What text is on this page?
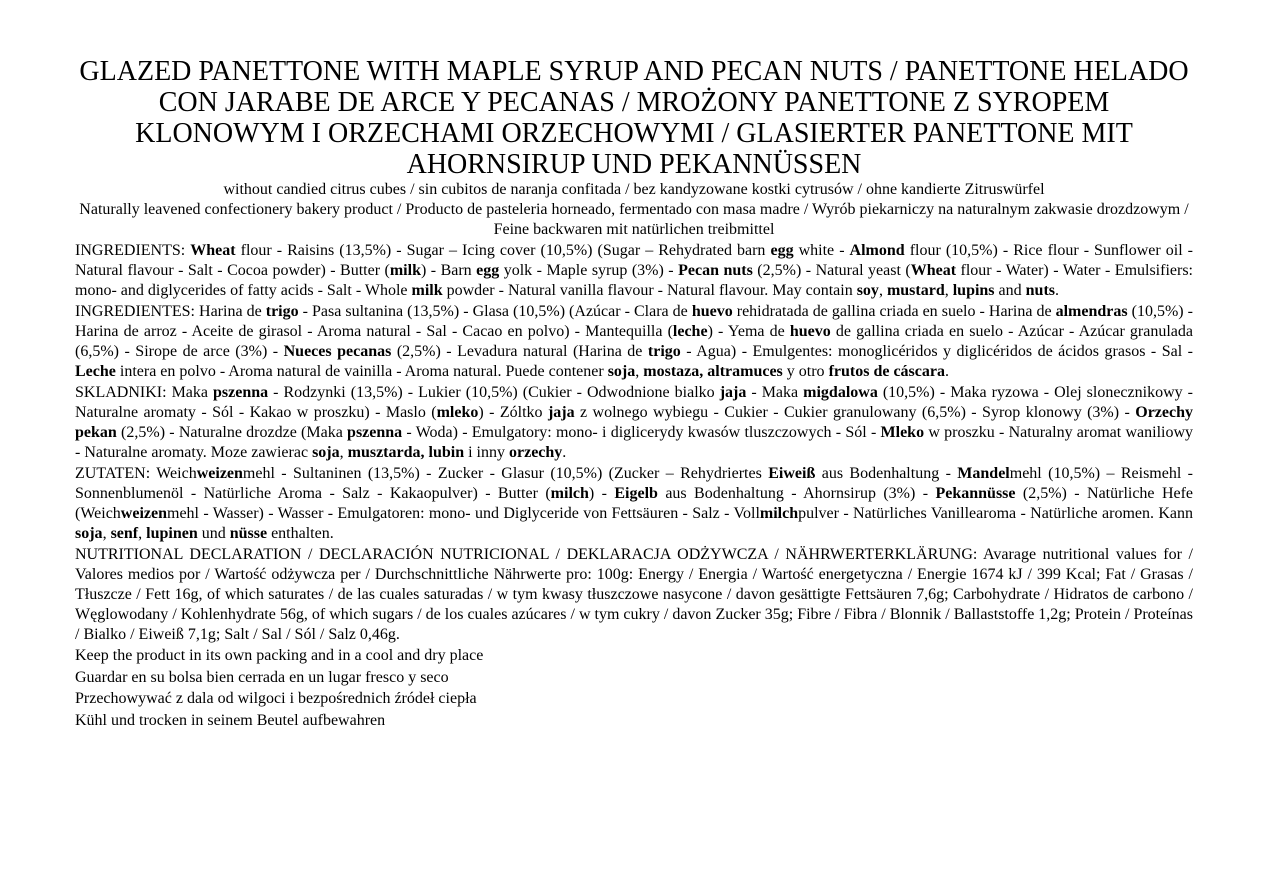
GLAZED PANETTONE WITH MAPLE SYRUP AND PECAN NUTS / PANETTONE HELADO CON JARABE DE ARCE Y PECANAS / MROŻONY PANETTONE Z SYROPEM KLONOWYM I ORZECHAMI ORZECHOWYMI / GLASIERTER PANETTONE MIT AHORNSIRUP UND PEKANNÜSSEN

without candied citrus cubes / sin cubitos de naranja confitada / bez kandyzowane kostki cytrusów / ohne kandierte Zitruswürfel

Naturally leavened confectionery bakery product / Producto de pasteleria horneado, fermentado con masa madre / Wyrób piekarniczy na naturalnym zakwasie drozdzowym / Feine backwaren mit natürlichen treibmittel

INGREDIENTS: Wheat flour - Raisins (13,5%) - Sugar – Icing cover (10,5%) (Sugar – Rehydrated barn egg white - Almond flour (10,5%) - Rice flour - Sunflower oil - Natural flavour - Salt - Cocoa powder) - Butter (milk) - Barn egg yolk - Maple syrup (3%) - Pecan nuts (2,5%) - Natural yeast (Wheat flour - Water) - Water - Emulsifiers: mono- and diglycerides of fatty acids - Salt - Whole milk powder - Natural vanilla flavour - Natural flavour. May contain soy, mustard, lupins and nuts.

INGREDIENTES: Harina de trigo - Pasa sultanina (13,5%) - Glasa (10,5%) (Azúcar - Clara de huevo rehidratada de gallina criada en suelo - Harina de almendras (10,5%) - Harina de arroz - Aceite de girasol - Aroma natural - Sal - Cacao en polvo) - Mantequilla (leche) - Yema de huevo de gallina criada en suelo - Azúcar - Azúcar granulada (6,5%) - Sirope de arce (3%) - Nueces pecanas (2,5%) - Levadura natural (Harina de trigo - Agua) - Emulgentes: monoglicéridos y diglicéridos de ácidos grasos - Sal - Leche intera en polvo - Aroma natural de vainilla - Aroma natural. Puede contener soja, mostaza, altramuces y otro frutos de cáscara.

SKLADNIKI: Maka pszenna - Rodzynki (13,5%) - Lukier (10,5%) (Cukier - Odwodnione bialko jaja - Maka migdalowa (10,5%) - Maka ryzowa - Olej slonecznikowy - Naturalne aromaty - Sól - Kakao w proszku) - Maslo (mleko) - Zóltko jaja z wolnego wybiegu - Cukier - Cukier granulowany (6,5%) - Syrop klonowy (3%) - Orzechy pekan (2,5%) - Naturalne drozdze (Maka pszenna - Woda) - Emulgatory: mono- i diglicerydy kwasów tluszczowych - Sól - Mleko w proszku - Naturalny aromat waniliowy - Naturalne aromaty. Moze zawierac soja, musztarda, lubin i inny orzechy.

ZUTATEN: Weichweizenmehl - Sultaninen (13,5%) - Zucker - Glasur (10,5%) (Zucker – Rehydriertes Eiweiß aus Bodenhaltung - Mandelmehl (10,5%) – Reismehl - Sonnenblumenöl - Natürliche Aroma - Salz - Kakaopulver) - Butter (milch) - Eigelb aus Bodenhaltung - Ahornsirup (3%) - Pekannüsse (2,5%) - Natürliche Hefe (Weichweizenmehl - Wasser) - Wasser - Emulgatoren: mono- und Diglyceride von Fettsäuren - Salz - Vollmilchpulver - Natürliches Vanillearoma - Natürliche aromen. Kann soja, senf, lupinen und nüsse enthalten.

NUTRITIONAL DECLARATION / DECLARACIÓN NUTRICIONAL / DEKLARACJA ODŻYWCZA / NÄHRWERTERKLÄRUNG: Avarage nutritional values for / Valores medios por / Wartość odżywcza per / Durchschnittliche Nährwerte pro: 100g: Energy / Energia / Wartość energetyczna / Energie 1674 kJ / 399 Kcal; Fat / Grasas / Tłuszcze / Fett 16g, of which saturates / de las cuales saturadas / w tym kwasy tłuszczowe nasycone / davon gesättigte Fettsäuren 7,6g; Carbohydrate / Hidratos de carbono / Węglowodany / Kohlenhydrate 56g, of which sugars / de los cuales azúcares / w tym cukry / davon Zucker 35g; Fibre / Fibra / Blonnik / Ballaststoffe 1,2g; Protein / Proteínas / Bialko / Eiweiß 7,1g; Salt / Sal / Sól / Salz 0,46g.

Keep the product in its own packing and in a cool and dry place

Guardar en su bolsa bien cerrada en un lugar fresco y seco

Przechowywać z dala od wilgoci i bezpośrednich źródeł ciepła

Kühl und trocken in seinem Beutel aufbewahren
